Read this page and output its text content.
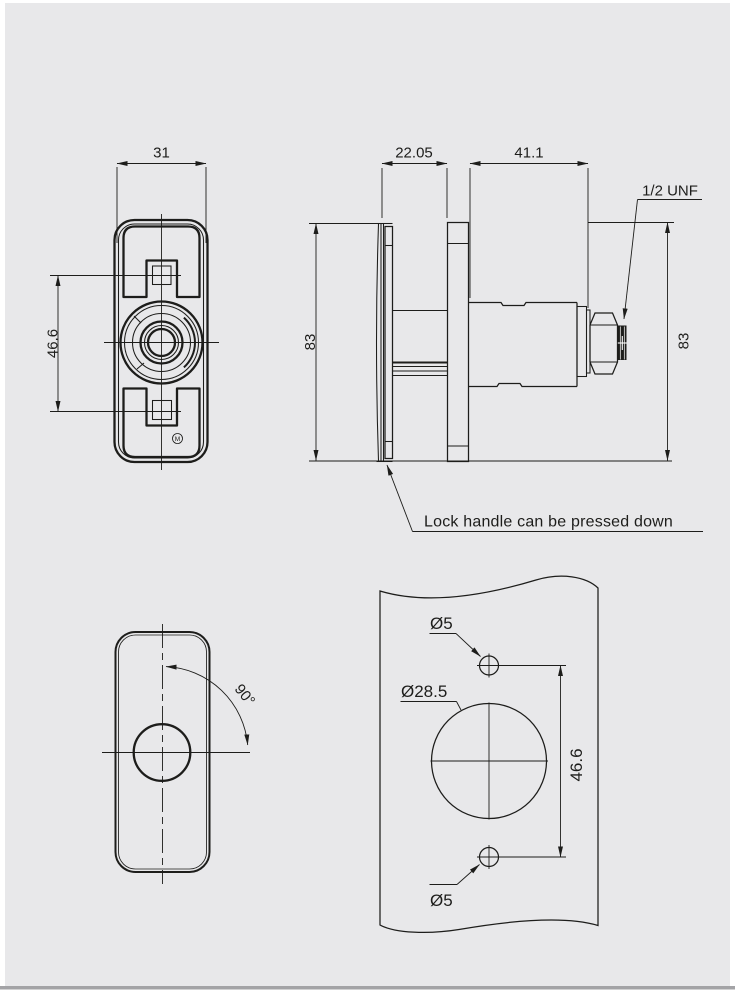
M
31
46.6
1/2 UNF
22.05	41.1
83	83
Lock handle can be pressed down
90°
Ø5
Ø28.5
Ø5
46.6
